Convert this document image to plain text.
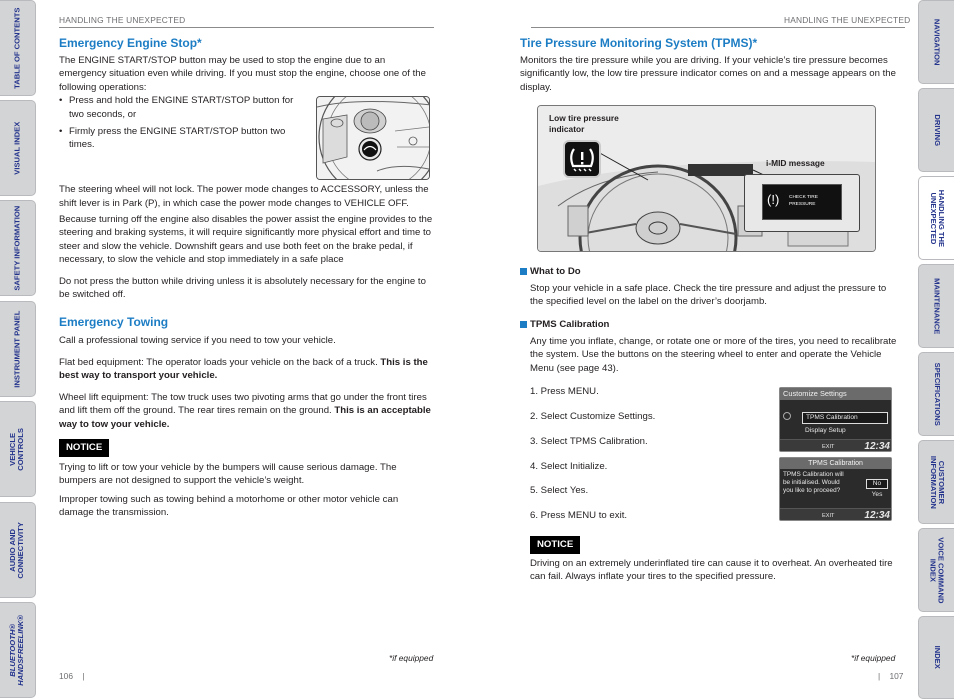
TABLE OF CONTENTS
VISUAL INDEX
SAFETY INFORMATION
INSTRUMENT PANEL
VEHICLE
CONTROLS
AUDIO AND
CONNECTIVITY
BLUETOOTH®
HANDSFREELINK®
NAVIGATION
DRIVING
HANDLING THE
UNEXPECTED
MAINTENANCE
SPECIFICATIONS
CUSTOMER
INFORMATION
VOICE COMMAND
INDEX
INDEX
HANDLING THE UNEXPECTED
Emergency Engine Stop*

The ENGINE START/STOP button may be used to stop the engine due to an emergency situation even while driving. If you must stop the engine, choose one of the following operations:

• Press and hold the ENGINE START/STOP button for two seconds, or
• Firmly press the ENGINE START/STOP button two times.

The steering wheel will not lock. The power mode changes to ACCESSORY, unless the shift lever is in Park (P), in which case the power mode changes to VEHICLE OFF.

Because turning off the engine also disables the power assist the engine provides to the steering and braking systems, it will require significantly more physical effort and time to steer and slow the vehicle. Downshift gears and use both feet on the brake pedal, if necessary, to slow the vehicle and stop immediately in a safe place

Do not press the button while driving unless it is absolutely necessary for the engine to be switched off.

Emergency Towing

Call a professional towing service if you need to tow your vehicle.

Flat bed equipment: The operator loads your vehicle on the back of a truck. This is the best way to transport your vehicle.

Wheel lift equipment: The tow truck uses two pivoting arms that go under the front tires and lift them off the ground. The rear tires remain on the ground. This is an acceptable way to tow your vehicle.

NOTICE

Trying to lift or tow your vehicle by the bumpers will cause serious damage. The bumpers are not designed to support the vehicle’s weight.

Improper towing such as towing behind a motorhome or other motor vehicle can damage the transmission.

*if equipped
106    |
HANDLING THE UNEXPECTED
Tire Pressure Monitoring System (TPMS)*

Monitors the tire pressure while you are driving. If your vehicle’s tire pressure becomes significantly low, the low tire pressure indicator comes on and a message appears on the display.

Low tire pressure
indicator
i-MID message
(!) CHECK TIRE
PRESSURE
What to Do

Stop your vehicle in a safe place. Check the tire pressure and adjust the pressure to the specified level on the label on the driver’s doorjamb.

TPMS Calibration

Any time you inflate, change, or rotate one or more of the tires, you need to recalibrate the system. Use the buttons on the steering wheel to enter and operate the Vehicle Menu (see page 43).

1. Press MENU.
2. Select Customize Settings.
3. Select TPMS Calibration.
4. Select Initialize.
5. Select Yes.
6. Press MENU to exit.
Customize Settings
TPMS Calibration
Display Setup
EXIT	12:34
TPMS Calibration
TPMS Calibration will
be initialised. Would
you like to proceed?
No
Yes
EXIT	12:34
NOTICE

Driving on an extremely underinflated tire can cause it to overheat. An overheated tire can fail. Always inflate your tires to the specified pressure.

*if equipped
|    107
